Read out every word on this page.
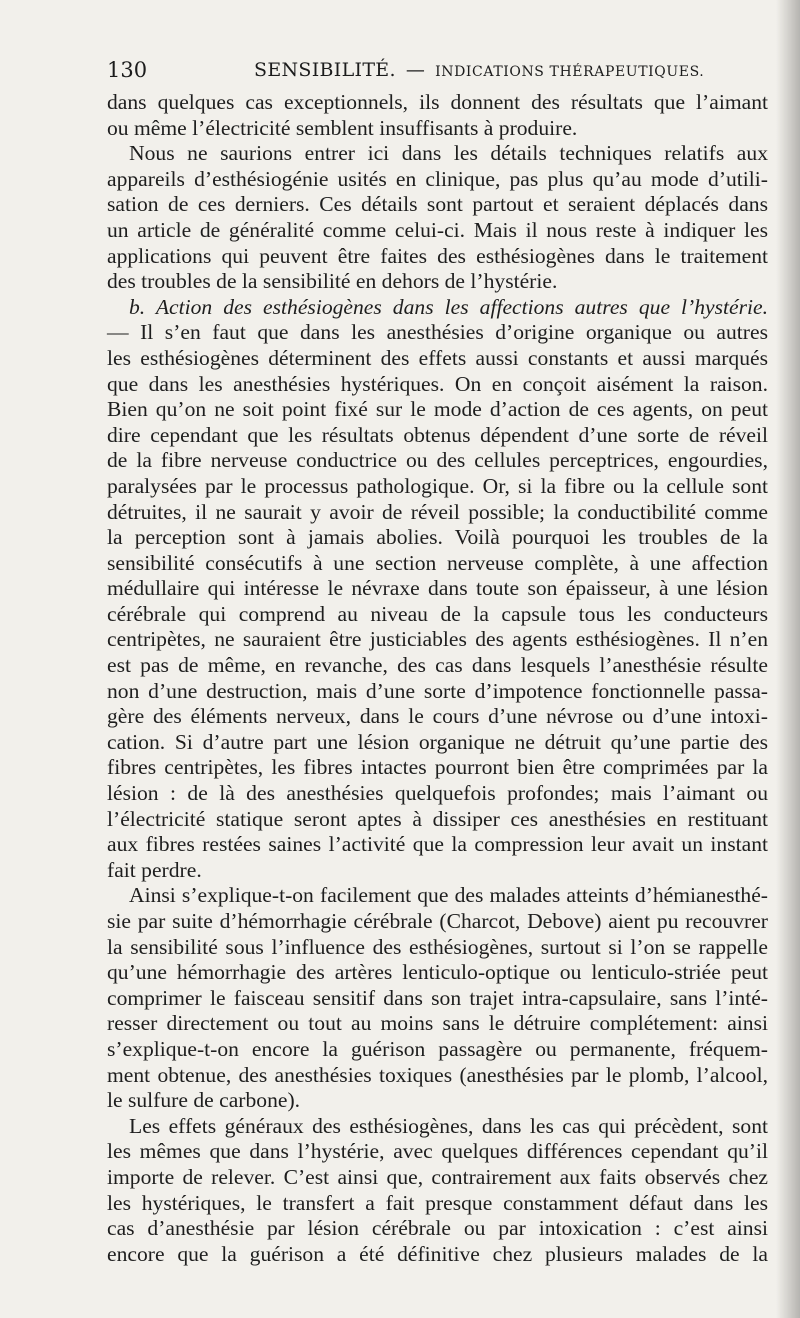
130	SENSIBILITÉ. — INDICATIONS THÉRAPEUTIQUES.
dans quelques cas exceptionnels, ils donnent des résultats que l’aimant
ou même l’électricité semblent insuffisants à produire.
Nous ne saurions entrer ici dans les détails techniques relatifs aux
appareils d’esthésiogénie usités en clinique, pas plus qu’au mode d’utili-
sation de ces derniers. Ces détails sont partout et seraient déplacés dans
un article de généralité comme celui-ci. Mais il nous reste à indiquer les
applications qui peuvent être faites des esthésiogènes dans le traitement
des troubles de la sensibilité en dehors de l’hystérie.
b. Action des esthésiogènes dans les affections autres que l’hystérie.
— Il s’en faut que dans les anesthésies d’origine organique ou autres
les esthésiogènes déterminent des effets aussi constants et aussi marqués
que dans les anesthésies hystériques. On en conçoit aisément la raison.
Bien qu’on ne soit point fixé sur le mode d’action de ces agents, on peut
dire cependant que les résultats obtenus dépendent d’une sorte de réveil
de la fibre nerveuse conductrice ou des cellules perceptrices, engourdies,
paralysées par le processus pathologique. Or, si la fibre ou la cellule sont
détruites, il ne saurait y avoir de réveil possible; la conductibilité comme
la perception sont à jamais abolies. Voilà pourquoi les troubles de la
sensibilité consécutifs à une section nerveuse complète, à une affection
médullaire qui intéresse le névraxe dans toute son épaisseur, à une lésion
cérébrale qui comprend au niveau de la capsule tous les conducteurs
centripètes, ne sauraient être justiciables des agents esthésiogènes. Il n’en
est pas de même, en revanche, des cas dans lesquels l’anesthésie résulte
non d’une destruction, mais d’une sorte d’impotence fonctionnelle passa-
gère des éléments nerveux, dans le cours d’une névrose ou d’une intoxi-
cation. Si d’autre part une lésion organique ne détruit qu’une partie des
fibres centripètes, les fibres intactes pourront bien être comprimées par la
lésion : de là des anesthésies quelquefois profondes; mais l’aimant ou
l’électricité statique seront aptes à dissiper ces anesthésies en restituant
aux fibres restées saines l’activité que la compression leur avait un instant
fait perdre.
Ainsi s’explique-t-on facilement que des malades atteints d’hémianesthé-
sie par suite d’hémorrhagie cérébrale (Charcot, Debove) aient pu recouvrer
la sensibilité sous l’influence des esthésiogènes, surtout si l’on se rappelle
qu’une hémorrhagie des artères lenticulo-optique ou lenticulo-striée peut
comprimer le faisceau sensitif dans son trajet intra-capsulaire, sans l’inté-
resser directement ou tout au moins sans le détruire complétement: ainsi
s’explique-t-on encore la guérison passagère ou permanente, fréquem-
ment obtenue, des anesthésies toxiques (anesthésies par le plomb, l’alcool,
le sulfure de carbone).
Les effets généraux des esthésiogènes, dans les cas qui précèdent, sont
les mêmes que dans l’hystérie, avec quelques différences cependant qu’il
importe de relever. C’est ainsi que, contrairement aux faits observés chez
les hystériques, le transfert a fait presque constamment défaut dans les
cas d’anesthésie par lésion cérébrale ou par intoxication : c’est ainsi
encore que la guérison a été définitive chez plusieurs malades de la
